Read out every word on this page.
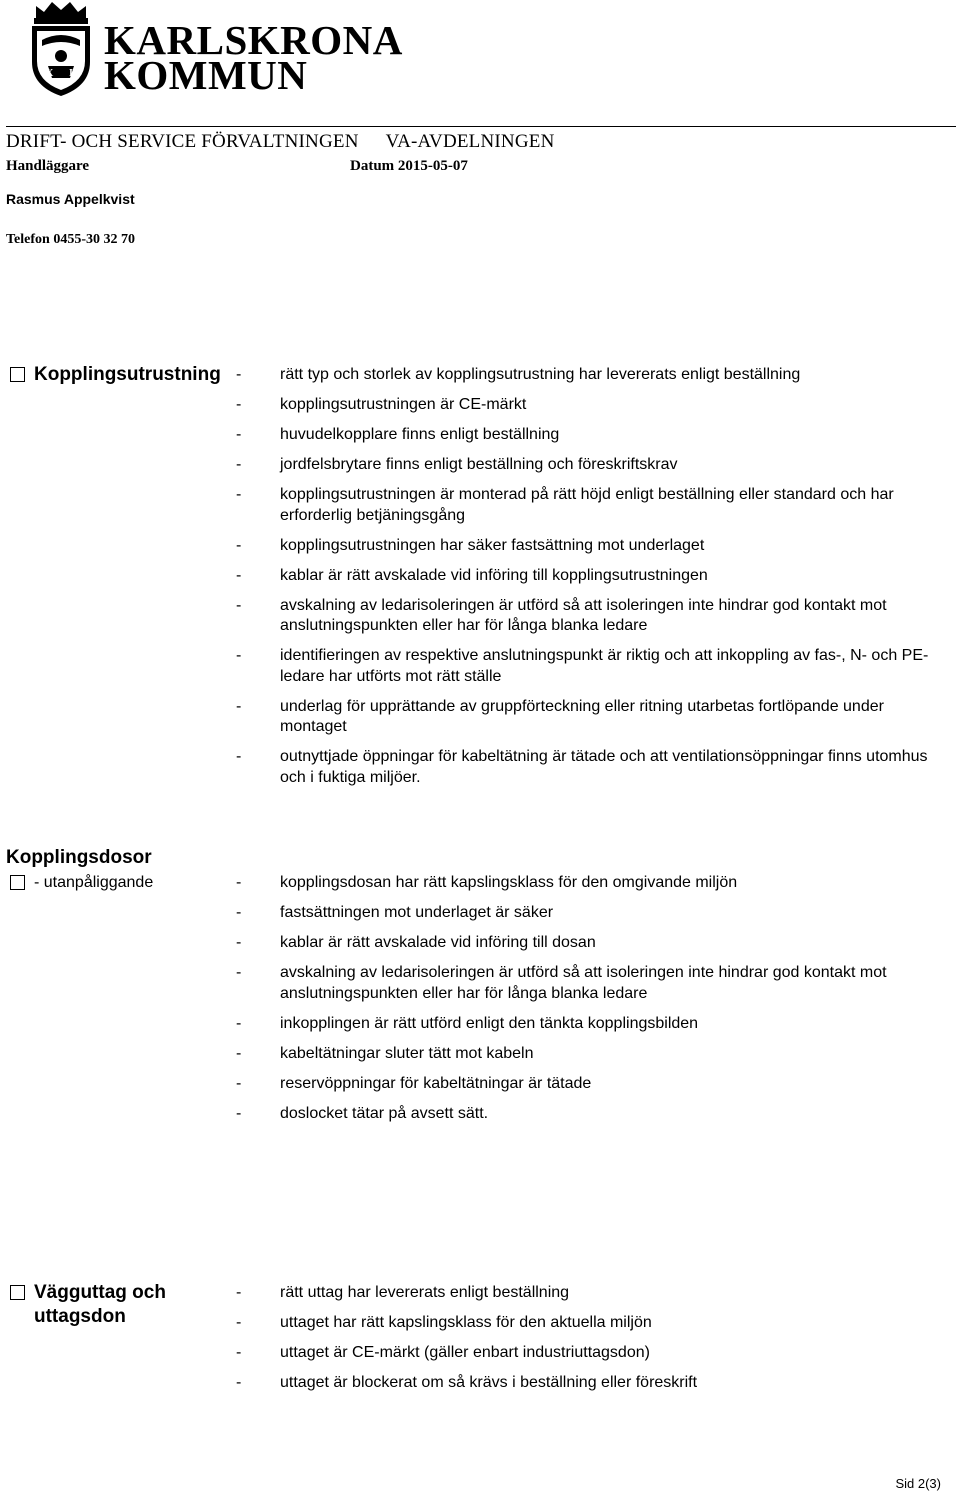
X I
KARLSKRONA
KOMMUN
DRIFT- OCH SERVICE FÖRVALTNINGEN VA-AVDELNINGEN
Handläggare	Datum 2015-05-07
Rasmus Appelkvist
Telefon 0455-30 32 70
Kopplingsutrustning - rätt typ och storlek av kopplingsutrustning har levererats enligt beställning
- kopplingsutrustningen är CE-märkt
- huvudelkopplare finns enligt beställning
- jordfelsbrytare finns enligt beställning och föreskriftskrav
- kopplingsutrustningen är monterad på rätt höjd enligt beställning eller standard och har erforderlig betjäningsgång
- kopplingsutrustningen har säker fastsättning mot underlaget
- kablar är rätt avskalade vid införing till kopplingsutrustningen
- avskalning av ledarisoleringen är utförd så att isoleringen inte hindrar god kontakt mot anslutningspunkten eller har för långa blanka ledare
- identifieringen av respektive anslutningspunkt är riktig och att inkoppling av fas-, N- och PE-ledare har utförts mot rätt ställe
- underlag för upprättande av gruppförteckning eller ritning utarbetas fortlöpande under montaget
- outnyttjade öppningar för kabeltätning är tätade och att ventilationsöppningar finns utomhus och i fuktiga miljöer.
Kopplingsdosor
- utanpåliggande	- kopplingsdosan har rätt kapslingsklass för den omgivande miljön
- fastsättningen mot underlaget är säker
- kablar är rätt avskalade vid införing till dosan
- avskalning av ledarisoleringen är utförd så att isoleringen inte hindrar god kontakt mot anslutningspunkten eller har för långa blanka ledare
- inkopplingen är rätt utförd enligt den tänkta kopplingsbilden
- kabeltätningar sluter tätt mot kabeln
- reservöppningar för kabeltätningar är tätade
- doslocket tätar på avsett sätt.
Vägguttag och
uttagsdon
- rätt uttag har levererats enligt beställning
- uttaget har rätt kapslingsklass för den aktuella miljön
- uttaget är CE-märkt (gäller enbart industriuttagsdon)
- uttaget är blockerat om så krävs i beställning eller föreskrift
Sid 2(3)
